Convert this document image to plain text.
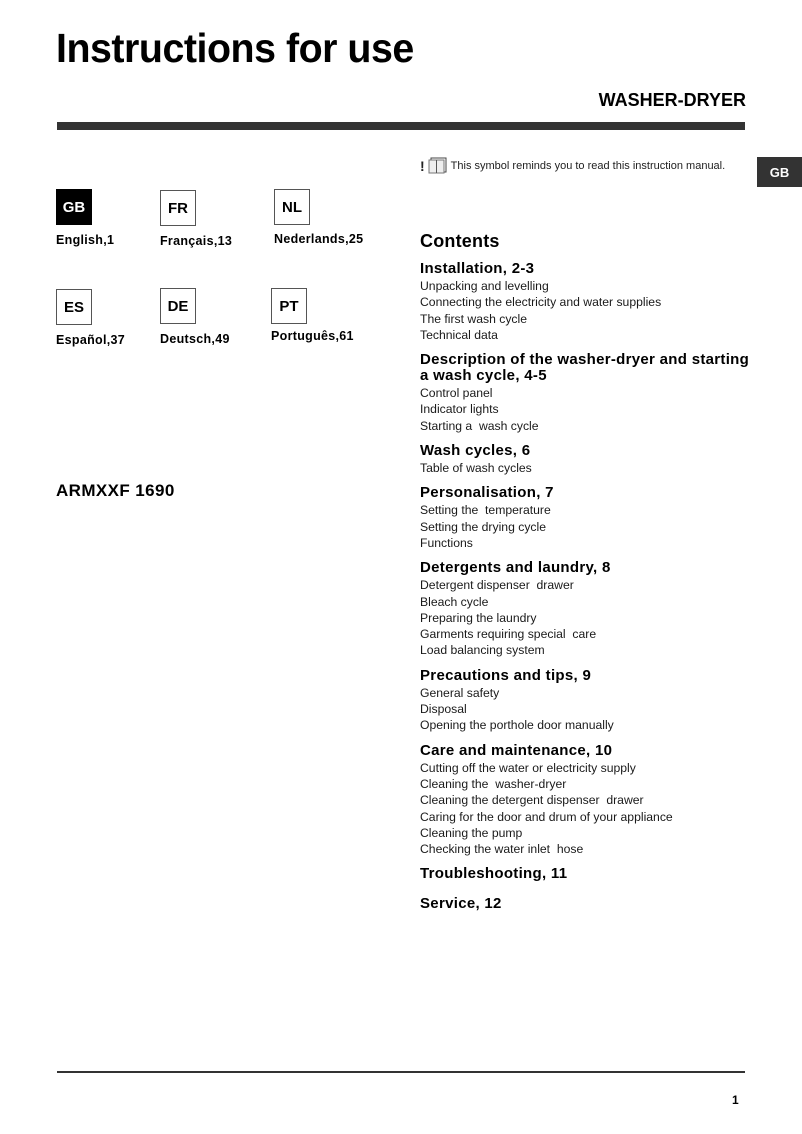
Instructions for use
WASHER-DRYER
GB
! This symbol reminds you to read this instruction manual.
GB
English,1
FR
Français,13
NL
Nederlands,25
ES
Español,37
DE
Deutsch,49
PT
Português,61
ARMXXF 1690
Contents
Installation, 2-3
Unpacking and levelling
Connecting the electricity and water supplies
The first wash cycle
Technical data
Description of the washer-dryer and starting a wash cycle, 4-5
Control panel
Indicator lights
Starting a  wash cycle
Wash cycles, 6
Table of wash cycles
Personalisation, 7
Setting the  temperature
Setting the drying cycle
Functions
Detergents and laundry, 8
Detergent dispenser  drawer
Bleach cycle
Preparing the laundry
Garments requiring special  care
Load balancing system
Precautions and tips, 9
General safety
Disposal
Opening the porthole door manually
Care and maintenance, 10
Cutting off the water or electricity supply
Cleaning the  washer-dryer
Cleaning the detergent dispenser  drawer
Caring for the door and drum of your appliance
Cleaning the pump
Checking the water inlet  hose
Troubleshooting, 11
Service, 12
1
